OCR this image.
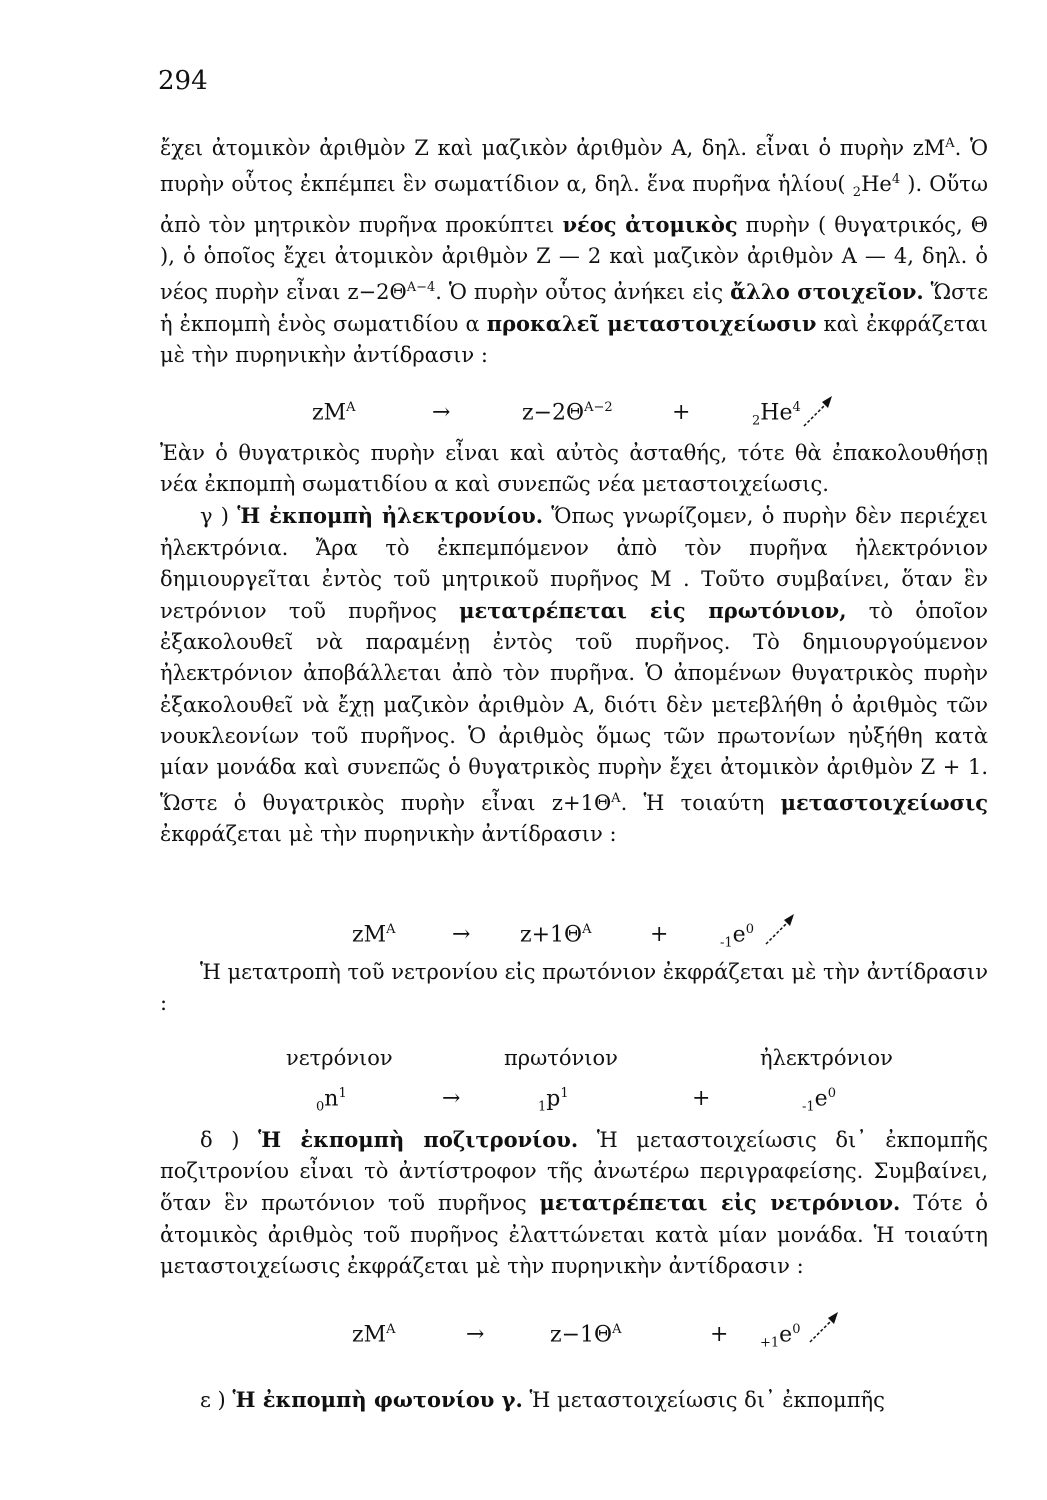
294
ἔχει ἀτομικὸν ἀριθμὸν Ζ καὶ μαζικὸν ἀριθμὸν Α, δηλ. εἶναι ὁ πυρὴν $zM^A$. Ὁ πυρὴν οὗτος ἐκπέμπει ἓν σωματίδιον α, δηλ. ἕνα πυρῆνα ἡλίου( $_2He^4$ ). Οὕτω ἀπὸ τὸν μητρικὸν πυρῆνα προκύπτει νέος ἀτομικὸς πυρὴν ( θυγατρικός, Θ ), ὁ ὁποῖος ἔχει ἀτομικὸν ἀριθμὸν Ζ — 2 καὶ μαζικὸν ἀριθμὸν Α — 4, δηλ. ὁ νέος πυρὴν εἶναι $z-2\Theta^{A-4}$. Ὁ πυρὴν οὗτος ἀνήκει εἰς ἄλλο στοιχεῖον. Ὥστε ἡ ἐκπομπὴ ἑνὸς σωματιδίου α προκαλεῖ μεταστοιχείωσιν καὶ ἐκφράζεται μὲ τὴν πυρηνικὴν ἀντίδρασιν :
$zM^A$	→	$z-2\Theta^{A-2}$	+	$_2He^4$
Ἐὰν ὁ θυγατρικὸς πυρὴν εἶναι καὶ αὐτὸς ἀσταθής, τότε θὰ ἐπακολουθήσῃ νέα ἐκπομπὴ σωματιδίου α καὶ συνεπῶς νέα μεταστοιχείωσις.
γ ) Ἡ ἐκπομπὴ ἠλεκτρονίου. Ὅπως γνωρίζομεν, ὁ πυρὴν δὲν περιέχει ἠλεκτρόνια. Ἄρα τὸ ἐκπεμπόμενον ἀπὸ τὸν πυρῆνα ἠλεκτρόνιον δημιουργεῖται ἐντὸς τοῦ μητρικοῦ πυρῆνος Μ . Τοῦτο συμβαίνει, ὅταν ἓν νετρόνιον τοῦ πυρῆνος μετατρέπεται εἰς πρωτόνιον, τὸ ὁποῖον ἐξακολουθεῖ νὰ παραμένῃ ἐντὸς τοῦ πυρῆνος. Τὸ δημιουργούμενον ἠλεκτρόνιον ἀποβάλλεται ἀπὸ τὸν πυρῆνα. Ὁ ἀπομένων θυγατρικὸς πυρὴν ἐξακολουθεῖ νὰ ἔχῃ μαζικὸν ἀριθμὸν Α, διότι δὲν μετεβλήθη ὁ ἀριθμὸς τῶν νουκλεονίων τοῦ πυρῆνος. Ὁ ἀριθμὸς ὅμως τῶν πρωτονίων ηὐξήθη κατὰ μίαν μονάδα καὶ συνεπῶς ὁ θυγατρικὸς πυρὴν ἔχει ἀτομικὸν ἀριθμὸν Ζ + 1. Ὥστε ὁ θυγατρικὸς πυρὴν εἶναι $z+1\Theta^A$. Ἡ τοιαύτη μεταστοιχείωσις ἐκφράζεται μὲ τὴν πυρηνικὴν ἀντίδρασιν :
$zM^A$	→ $z+1\Theta^A$	+	$_{-1}e^0$
Ἡ μετατροπὴ τοῦ νετρονίου εἰς πρωτόνιον ἐκφράζεται μὲ τὴν ἀντίδρασιν :
νετρόνιον	πρωτόνιον	ἠλεκτρόνιον
$_0n^1$	→	$_1p^1$	+	$_{-1}e^0$
δ ) Ἡ ἐκπομπὴ ποζιτρονίου. Ἡ μεταστοιχείωσις δι᾽ ἐκπομπῆς ποζιτρονίου εἶναι τὸ ἀντίστροφον τῆς ἀνωτέρω περιγραφείσης. Συμβαίνει, ὅταν ἓν πρωτόνιον τοῦ πυρῆνος μετατρέπεται εἰς νετρόνιον. Τότε ὁ ἀτομικὸς ἀριθμὸς τοῦ πυρῆνος ἐλαττώνεται κατὰ μίαν μονάδα. Ἡ τοιαύτη μεταστοιχείωσις ἐκφράζεται μὲ τὴν πυρηνικὴν ἀντίδρασιν :
$zM^A$	→	$z-1\Theta^A$	+ $_{+1}e^0$
ε ) Ἡ ἐκπομπὴ φωτονίου γ. Ἡ μεταστοιχείωσις δι᾽ ἐκπομπῆς
